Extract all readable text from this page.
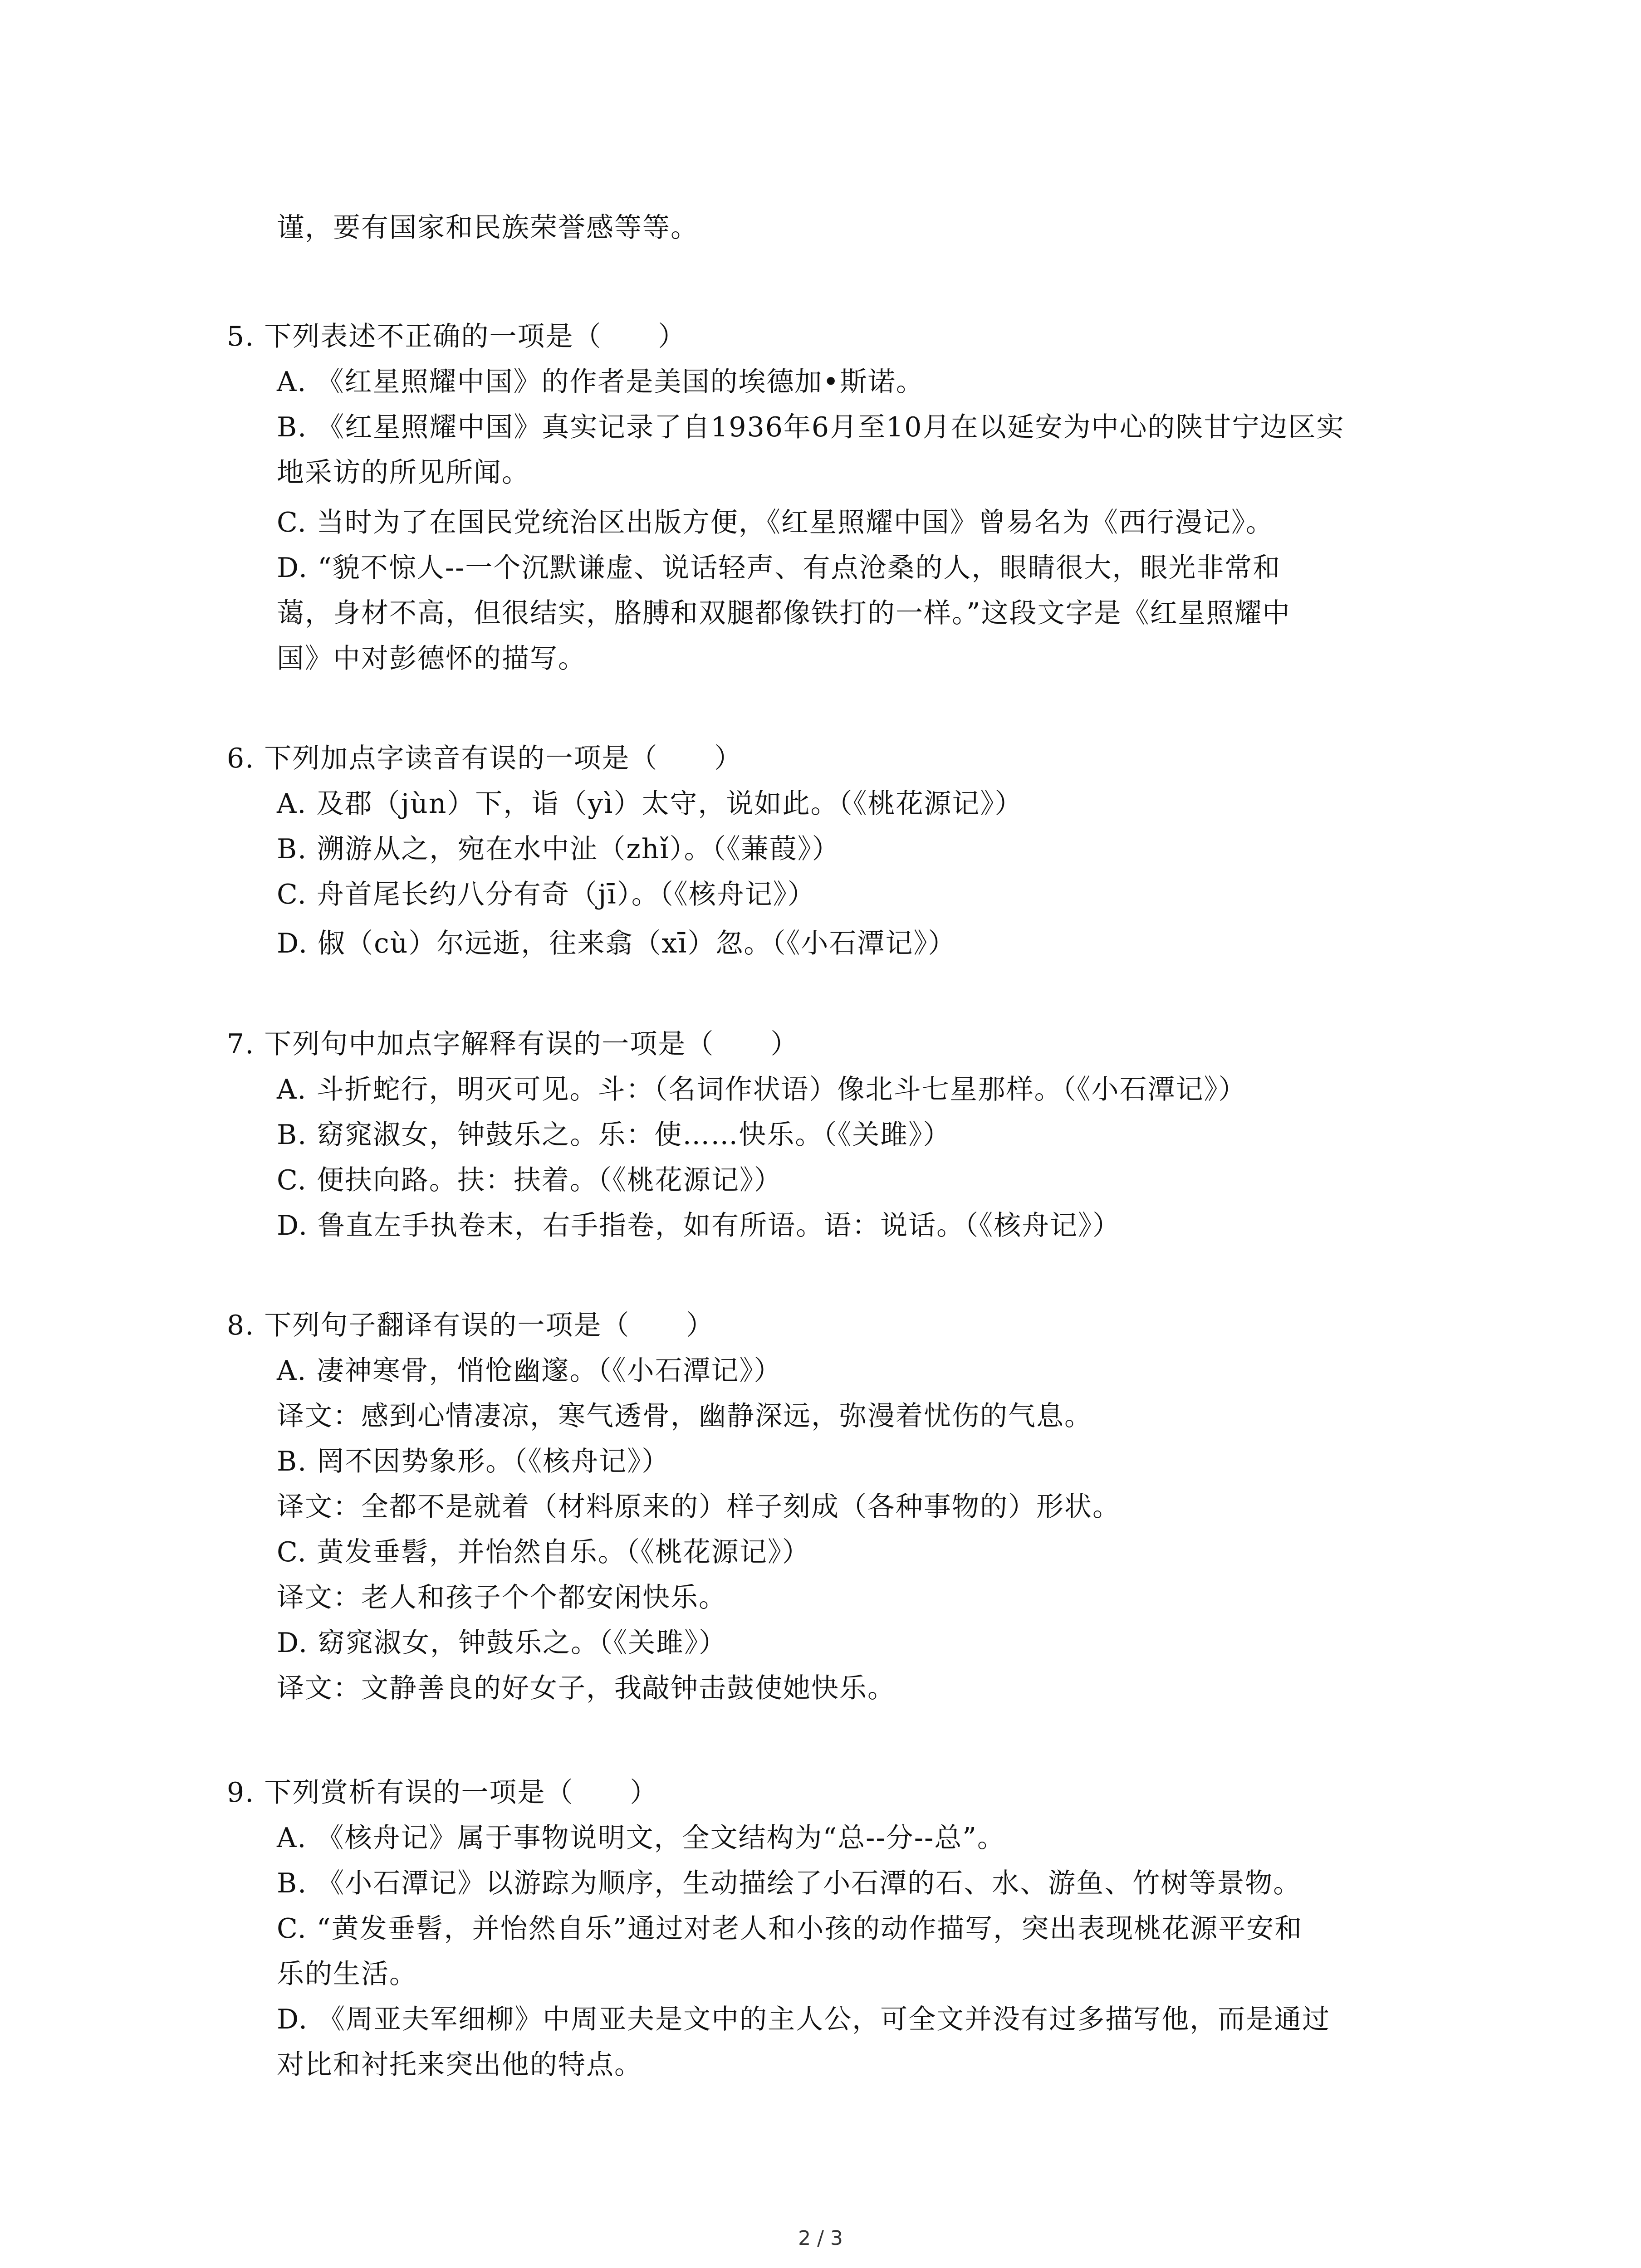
谨，要有国家和民族荣誉感等等。
5. 下列表述不正确的一项是（　　）
A. 《红星照耀中国》的作者是美国的埃德加•斯诺。
B. 《红星照耀中国》真实记录了自1936年6月至10月在以延安为中心的陕甘宁边区实
地采访的所见所闻。
C. 当时为了在国民党统治区出版方便，《红星照耀中国》曾易名为《西行漫记》。
D. “貌不惊人--一个沉默谦虚、说话轻声、有点沧桑的人，眼睛很大，眼光非常和
蔼，身材不高，但很结实，胳膊和双腿都像铁打的一样。”这段文字是《红星照耀中
国》中对彭德怀的描写。
6. 下列加点字读音有误的一项是（　　）
A. 及郡（jùn）下，诣（yì）太守，说如此。（《桃花源记》）
B. 溯游从之，宛在水中沚（zhǐ）。（《蒹葭》）
C. 舟首尾长约八分有奇（jī）。（《核舟记》）
D. 俶（cù）尔远逝，往来翕（xī）忽。（《小石潭记》）
7. 下列句中加点字解释有误的一项是（　　）
A. 斗折蛇行，明灭可见。斗：（名词作状语）像北斗七星那样。（《小石潭记》）
B. 窈窕淑女，钟鼓乐之。乐：使……快乐。（《关雎》）
C. 便扶向路。扶：扶着。（《桃花源记》）
D. 鲁直左手执卷末，右手指卷，如有所语。语：说话。（《核舟记》）
8. 下列句子翻译有误的一项是（　　）
A. 凄神寒骨，悄怆幽邃。（《小石潭记》）
译文：感到心情凄凉，寒气透骨，幽静深远，弥漫着忧伤的气息。
B. 罔不因势象形。（《核舟记》）
译文：全都不是就着（材料原来的）样子刻成（各种事物的）形状。
C. 黄发垂髫，并怡然自乐。（《桃花源记》）
译文：老人和孩子个个都安闲快乐。
D. 窈窕淑女，钟鼓乐之。（《关雎》）
译文：文静善良的好女子，我敲钟击鼓使她快乐。
9. 下列赏析有误的一项是（　　）
A. 《核舟记》属于事物说明文，全文结构为“总--分--总”。
B. 《小石潭记》以游踪为顺序，生动描绘了小石潭的石、水、游鱼、竹树等景物。
C. “黄发垂髫，并怡然自乐”通过对老人和小孩的动作描写，突出表现桃花源平安和
乐的生活。
D. 《周亚夫军细柳》中周亚夫是文中的主人公，可全文并没有过多描写他，而是通过
对比和衬托来突出他的特点。
2 / 3
